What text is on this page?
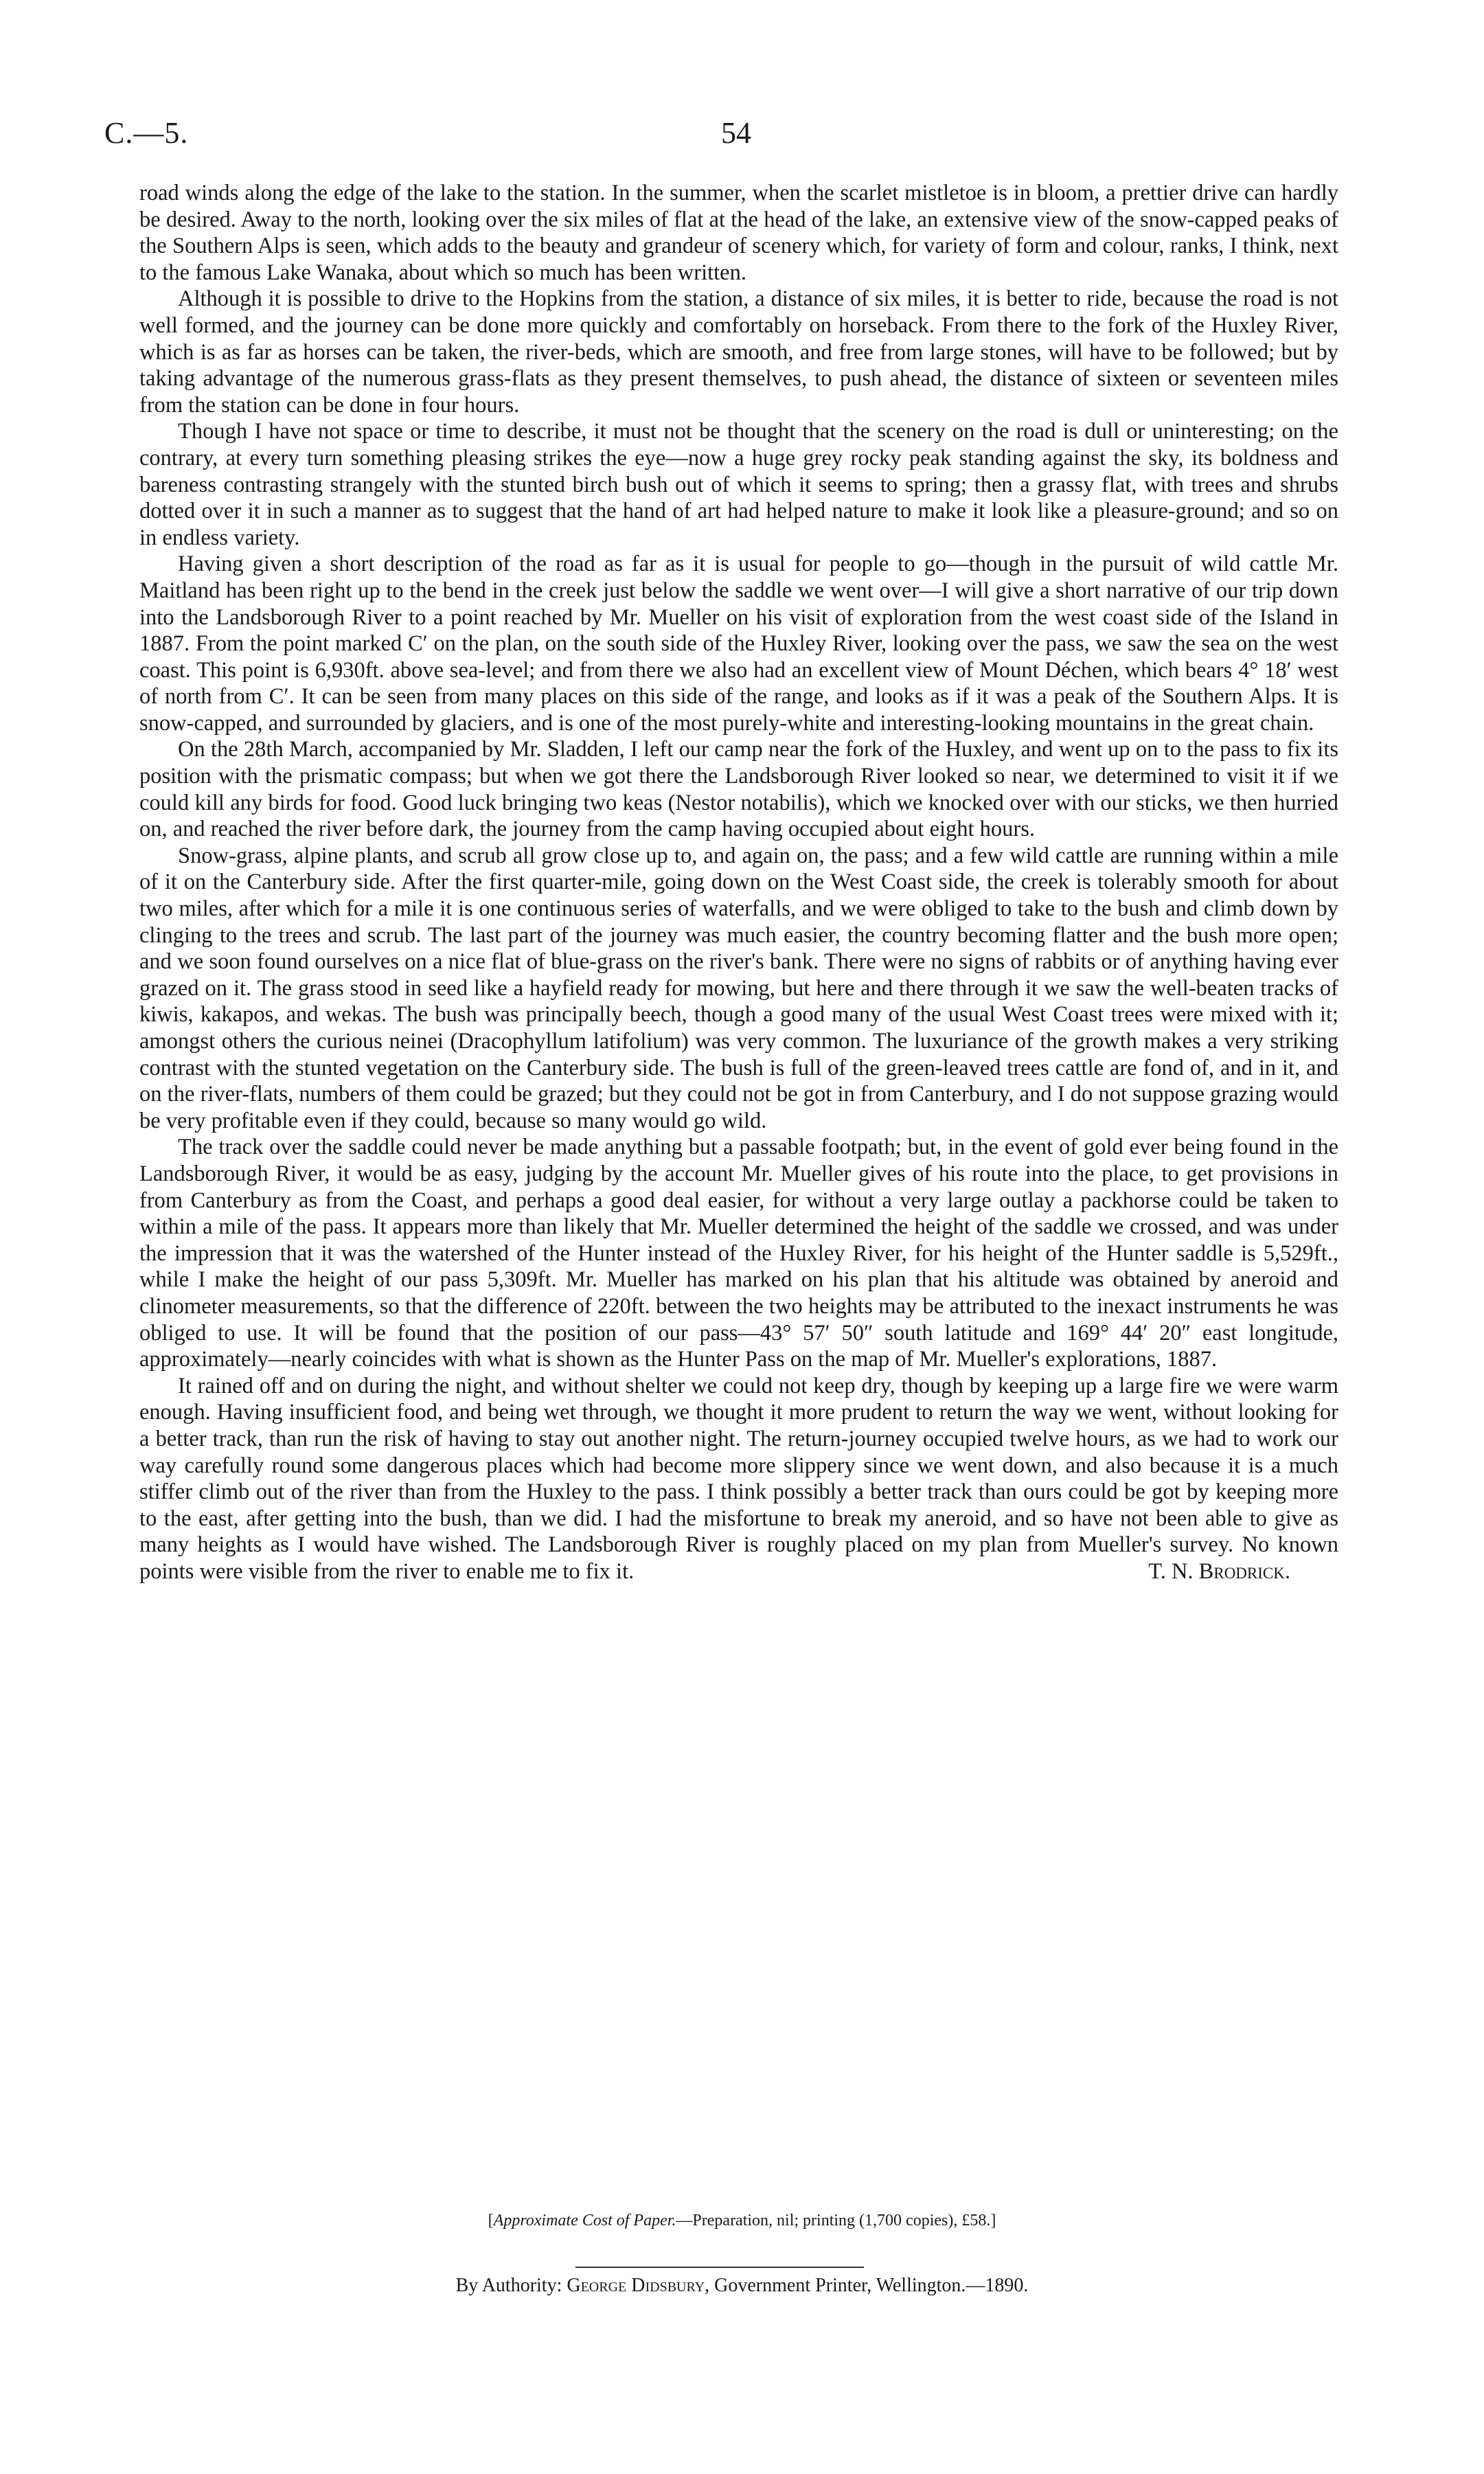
C.—5.	54

road winds along the edge of the lake to the station. In the summer, when the scarlet mistletoe is in bloom, a prettier drive can hardly be desired. Away to the north, looking over the six miles of flat at the head of the lake, an extensive view of the snow-capped peaks of the Southern Alps is seen, which adds to the beauty and grandeur of scenery which, for variety of form and colour, ranks, I think, next to the famous Lake Wanaka, about which so much has been written.

Although it is possible to drive to the Hopkins from the station, a distance of six miles, it is better to ride, because the road is not well formed, and the journey can be done more quickly and comfortably on horseback. From there to the fork of the Huxley River, which is as far as horses can be taken, the river-beds, which are smooth, and free from large stones, will have to be followed; but by taking advantage of the numerous grass-flats as they present themselves, to push ahead, the distance of sixteen or seventeen miles from the station can be done in four hours.

Though I have not space or time to describe, it must not be thought that the scenery on the road is dull or uninteresting; on the contrary, at every turn something pleasing strikes the eye—now a huge grey rocky peak standing against the sky, its boldness and bareness contrasting strangely with the stunted birch bush out of which it seems to spring; then a grassy flat, with trees and shrubs dotted over it in such a manner as to suggest that the hand of art had helped nature to make it look like a pleasure-ground; and so on in endless variety.

Having given a short description of the road as far as it is usual for people to go—though in the pursuit of wild cattle Mr. Maitland has been right up to the bend in the creek just below the saddle we went over—I will give a short narrative of our trip down into the Landsborough River to a point reached by Mr. Mueller on his visit of exploration from the west coast side of the Island in 1887. From the point marked C′ on the plan, on the south side of the Huxley River, looking over the pass, we saw the sea on the west coast. This point is 6,930ft. above sea-level; and from there we also had an excellent view of Mount Déchen, which bears 4° 18′ west of north from C′. It can be seen from many places on this side of the range, and looks as if it was a peak of the Southern Alps. It is snow-capped, and surrounded by glaciers, and is one of the most purely-white and interesting-looking mountains in the great chain.

On the 28th March, accompanied by Mr. Sladden, I left our camp near the fork of the Huxley, and went up on to the pass to fix its position with the prismatic compass; but when we got there the Landsborough River looked so near, we determined to visit it if we could kill any birds for food. Good luck bringing two keas (Nestor notabilis), which we knocked over with our sticks, we then hurried on, and reached the river before dark, the journey from the camp having occupied about eight hours.

Snow-grass, alpine plants, and scrub all grow close up to, and again on, the pass; and a few wild cattle are running within a mile of it on the Canterbury side. After the first quarter-mile, going down on the West Coast side, the creek is tolerably smooth for about two miles, after which for a mile it is one continuous series of waterfalls, and we were obliged to take to the bush and climb down by clinging to the trees and scrub. The last part of the journey was much easier, the country becoming flatter and the bush more open; and we soon found ourselves on a nice flat of blue-grass on the river's bank. There were no signs of rabbits or of anything having ever grazed on it. The grass stood in seed like a hayfield ready for mowing, but here and there through it we saw the well-beaten tracks of kiwis, kakapos, and wekas. The bush was principally beech, though a good many of the usual West Coast trees were mixed with it; amongst others the curious neinei (Dracophyllum latifolium) was very common. The luxuriance of the growth makes a very striking contrast with the stunted vegetation on the Canterbury side. The bush is full of the green-leaved trees cattle are fond of, and in it, and on the river-flats, numbers of them could be grazed; but they could not be got in from Canterbury, and I do not suppose grazing would be very profitable even if they could, because so many would go wild.

The track over the saddle could never be made anything but a passable footpath; but, in the event of gold ever being found in the Landsborough River, it would be as easy, judging by the account Mr. Mueller gives of his route into the place, to get provisions in from Canterbury as from the Coast, and perhaps a good deal easier, for without a very large outlay a packhorse could be taken to within a mile of the pass. It appears more than likely that Mr. Mueller determined the height of the saddle we crossed, and was under the impression that it was the watershed of the Hunter instead of the Huxley River, for his height of the Hunter saddle is 5,529ft., while I make the height of our pass 5,309ft. Mr. Mueller has marked on his plan that his altitude was obtained by aneroid and clinometer measurements, so that the difference of 220ft. between the two heights may be attributed to the inexact instruments he was obliged to use. It will be found that the position of our pass—43° 57′ 50″ south latitude and 169° 44′ 20″ east longitude, approximately—nearly coincides with what is shown as the Hunter Pass on the map of Mr. Mueller's explorations, 1887.

It rained off and on during the night, and without shelter we could not keep dry, though by keeping up a large fire we were warm enough. Having insufficient food, and being wet through, we thought it more prudent to return the way we went, without looking for a better track, than run the risk of having to stay out another night. The return-journey occupied twelve hours, as we had to work our way carefully round some dangerous places which had become more slippery since we went down, and also because it is a much stiffer climb out of the river than from the Huxley to the pass. I think possibly a better track than ours could be got by keeping more to the east, after getting into the bush, than we did. I had the misfortune to break my aneroid, and so have not been able to give as many heights as I would have wished. The Landsborough River is roughly placed on my plan from Mueller's survey. No known points were visible from the river to enable me to fix it.	T. N. Brodrick.

[Approximate Cost of Paper.—Preparation, nil; printing (1,700 copies), £58.]
By Authority: George Didsbury, Government Printer, Wellington.—1890.
